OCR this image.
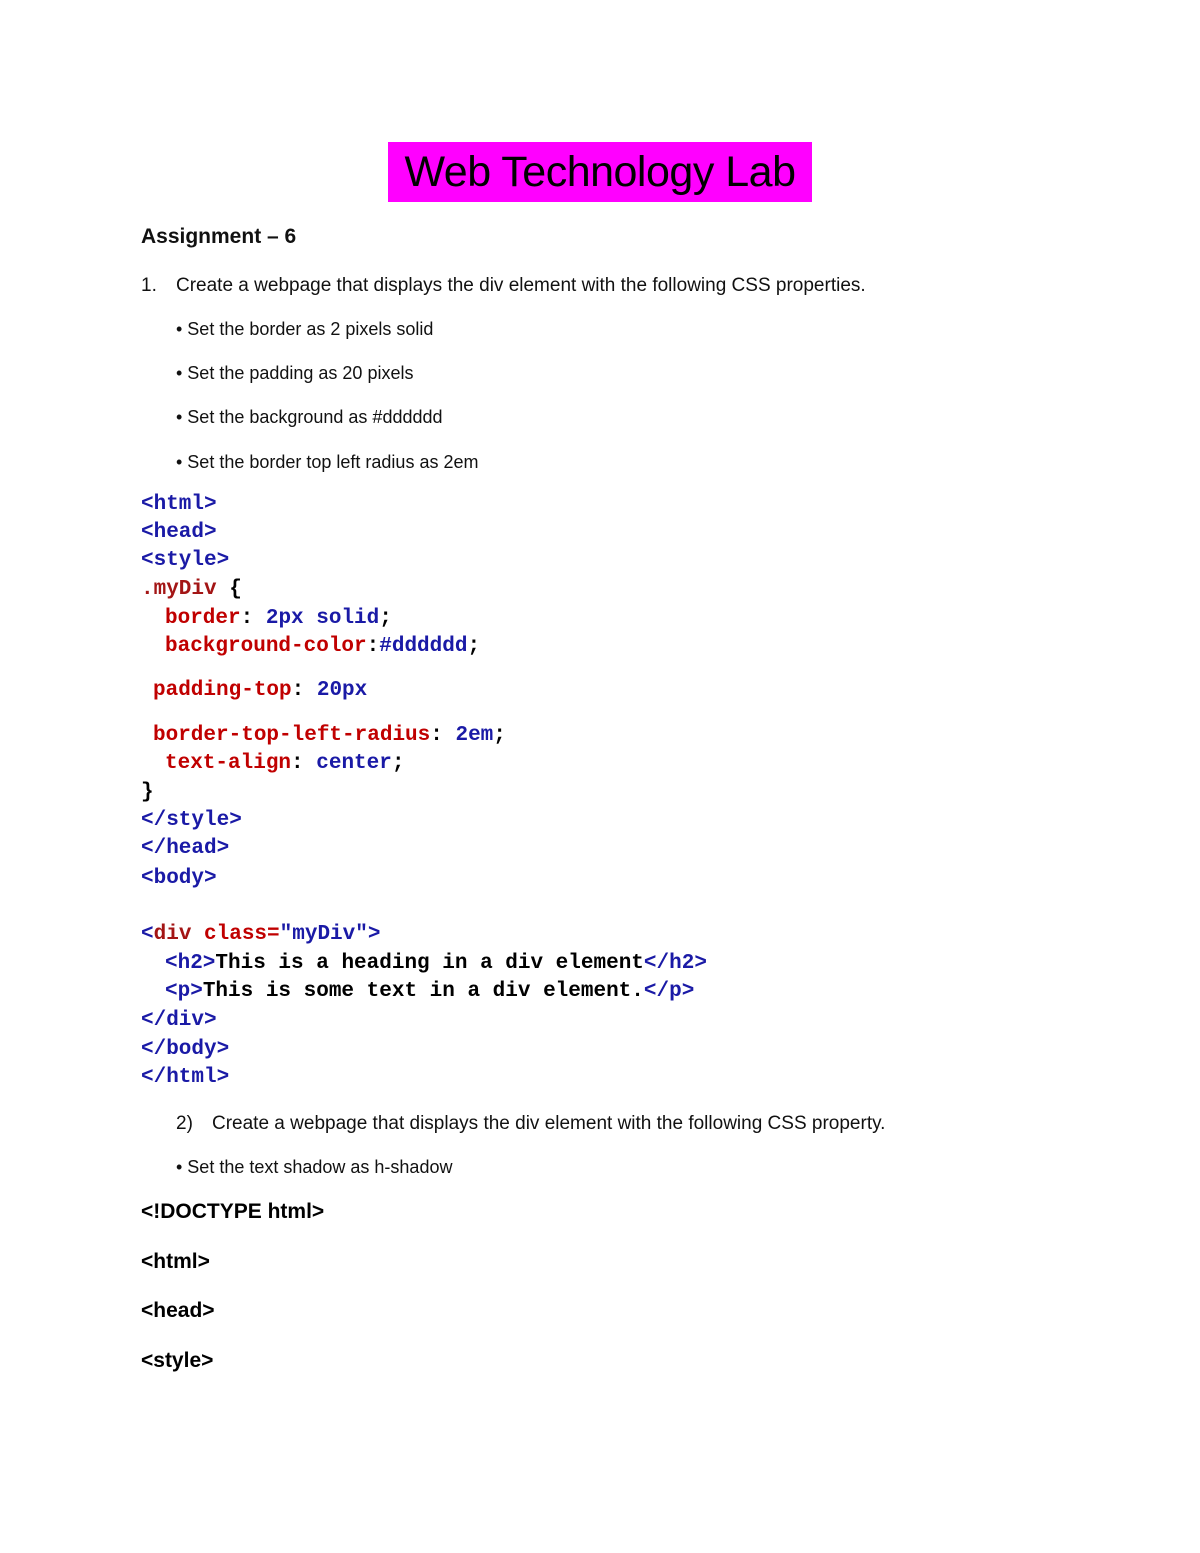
Web Technology Lab
Assignment – 6
1. Create a webpage that displays the div element with the following CSS properties.
• Set the border as 2 pixels solid
• Set the padding as 20 pixels
• Set the background as #dddddd
• Set the border top left radius as 2em
<html>
<head>
<style>
.myDiv {
border: 2px solid;
background-color:#dddddd;
padding-top: 20px
border-top-left-radius: 2em;
text-align: center;
}
</style>
</head>
<body>
<div class="myDiv">
<h2>This is a heading in a div element</h2>
<p>This is some text in a div element.</p>
</div>
</body>
</html>
2) Create a webpage that displays the div element with the following CSS property.
• Set the text shadow as h-shadow
<!DOCTYPE html>
<html>
<head>
<style>
